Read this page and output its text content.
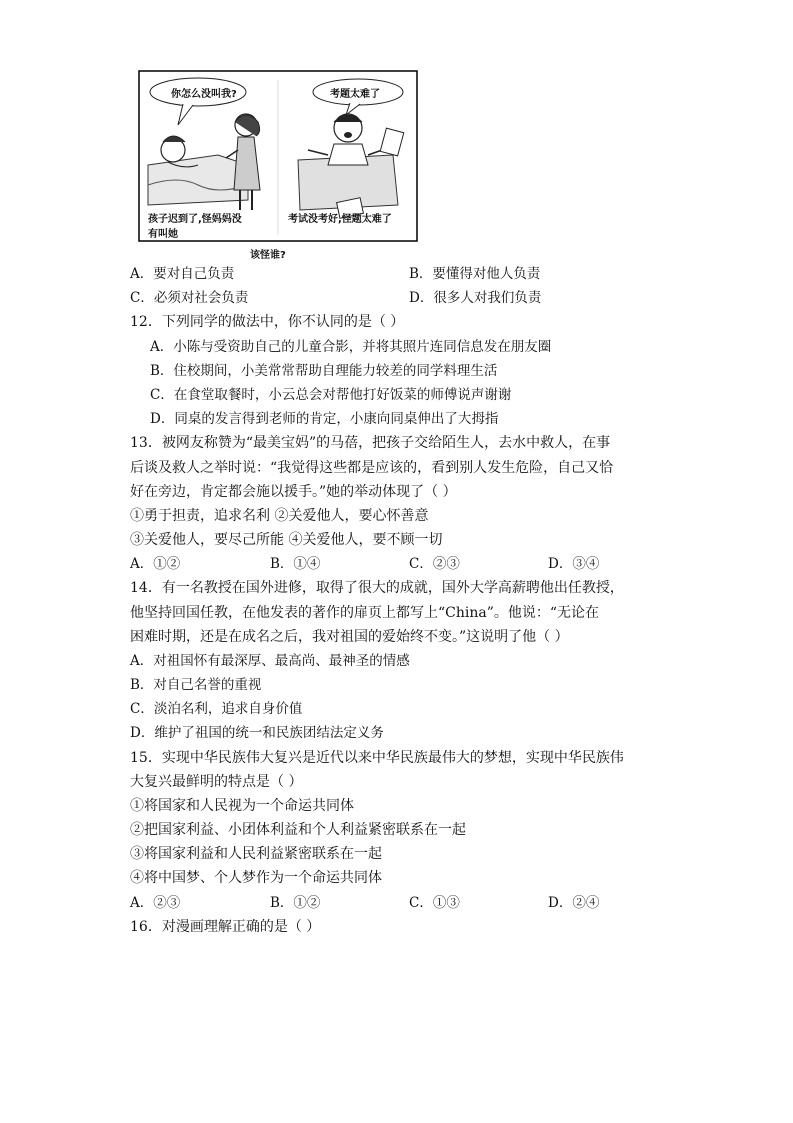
你怎么没叫我?	考题太难了
孩子迟到了,怪妈妈没
有叫她
考试没考好,怪题太难了
该怪谁?
A．要对自己负责	B．要懂得对他人负责
C．必须对社会负责	D．很多人对我们负责
12．下列同学的做法中，你不认同的是（ ）
A．小陈与受资助自己的儿童合影，并将其照片连同信息发在朋友圈
B．住校期间，小美常常帮助自理能力较差的同学料理生活
C．在食堂取餐时，小云总会对帮他打好饭菜的师傅说声谢谢
D．同桌的发言得到老师的肯定，小康向同桌伸出了大拇指
13．被网友称赞为“最美宝妈”的马蓓，把孩子交给陌生人，去水中救人，在事
后谈及救人之举时说：“我觉得这些都是应该的，看到别人发生危险，自己又恰
好在旁边，肯定都会施以援手。”她的举动体现了（ ）
①勇于担责，追求名利 ②关爱他人，要心怀善意
③关爱他人，要尽己所能 ④关爱他人，要不顾一切
A．①②	B．①④	C．②③	D．③④
14．有一名教授在国外进修，取得了很大的成就，国外大学高薪聘他出任教授，
他坚持回国任教，在他发表的著作的扉页上都写上“China”。他说：“无论在
困难时期，还是在成名之后，我对祖国的爱始终不变。”这说明了他（ ）
A．对祖国怀有最深厚、最高尚、最神圣的情感
B．对自己名誉的重视
C．淡泊名利，追求自身价值
D．维护了祖国的统一和民族团结法定义务
15．实现中华民族伟大复兴是近代以来中华民族最伟大的梦想，实现中华民族伟
大复兴最鲜明的特点是（ ）
①将国家和人民视为一个命运共同体
②把国家利益、小团体利益和个人利益紧密联系在一起
③将国家利益和人民利益紧密联系在一起
④将中国梦、个人梦作为一个命运共同体
A．②③	B．①②	C．①③	D．②④
16．对漫画理解正确的是（ ）
